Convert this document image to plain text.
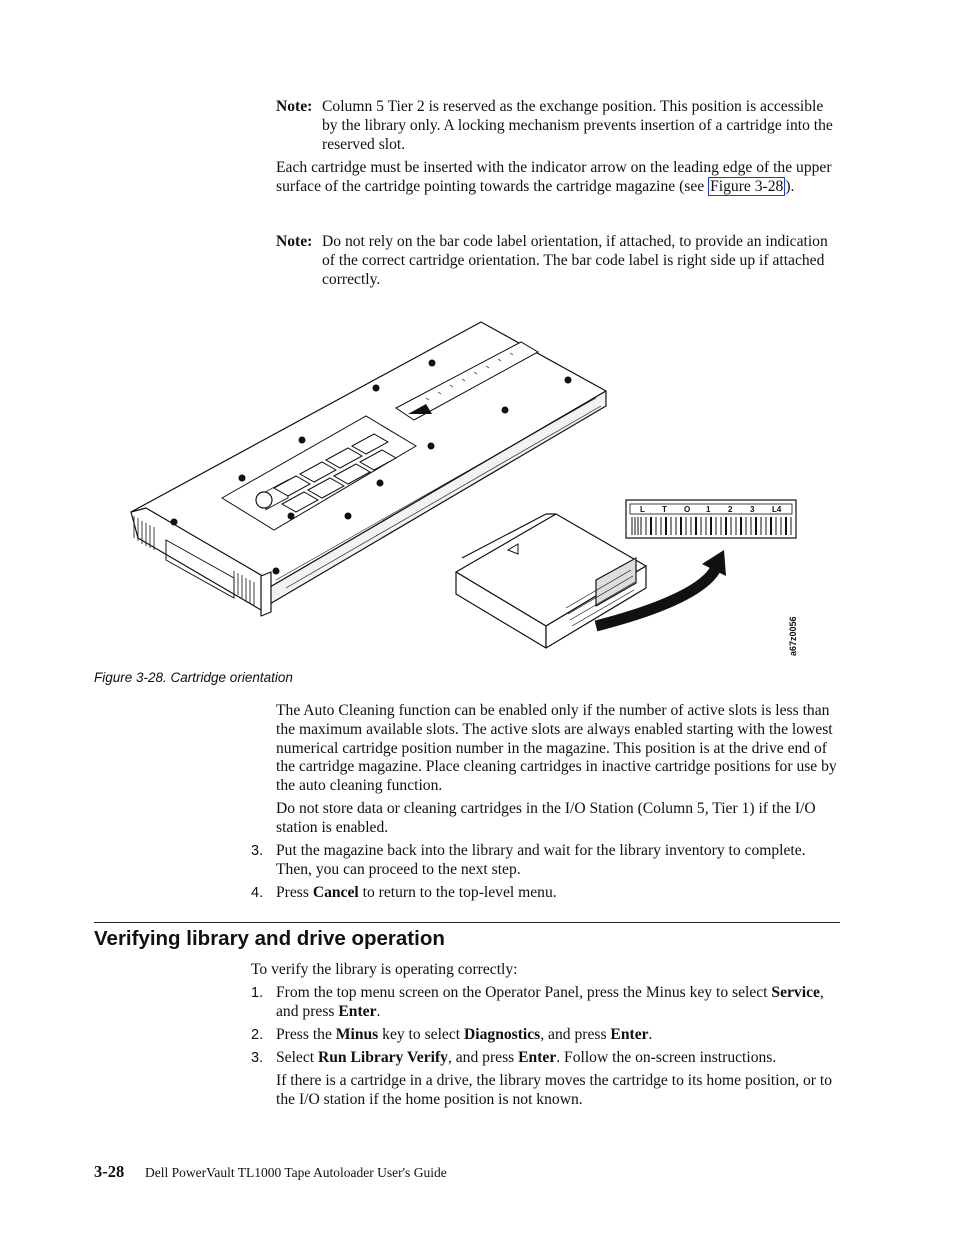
Note: Column 5 Tier 2 is reserved as the exchange position. This position is accessible by the library only. A locking mechanism prevents insertion of a cartridge into the reserved slot.
Each cartridge must be inserted with the indicator arrow on the leading edge of the upper surface of the cartridge pointing towards the cartridge magazine (see Figure 3-28 ).
Note: Do not rely on the bar code label orientation, if attached, to provide an indication of the correct cartridge orientation. The bar code label is right side up if attached correctly.
L T O 1 2 3 L4
a67z0056
Figure 3-28. Cartridge orientation
The Auto Cleaning function can be enabled only if the number of active slots is less than the maximum available slots. The active slots are always enabled starting with the lowest numerical cartridge position number in the magazine. This position is at the drive end of the cartridge magazine. Place cleaning cartridges in inactive cartridge positions for use by the auto cleaning function.
Do not store data or cleaning cartridges in the I/O Station (Column 5, Tier 1) if the I/O station is enabled.
3. Put the magazine back into the library and wait for the library inventory to complete. Then, you can proceed to the next step.
4. Press Cancel to return to the top-level menu.
Verifying library and drive operation
To verify the library is operating correctly:
1. From the top menu screen on the Operator Panel, press the Minus key to select Service, and press Enter.
2. Press the Minus key to select Diagnostics, and press Enter.
3. Select Run Library Verify, and press Enter. Follow the on-screen instructions.
If there is a cartridge in a drive, the library moves the cartridge to its home position, or to the I/O station if the home position is not known.
3-28 Dell PowerVault TL1000 Tape Autoloader User's Guide
